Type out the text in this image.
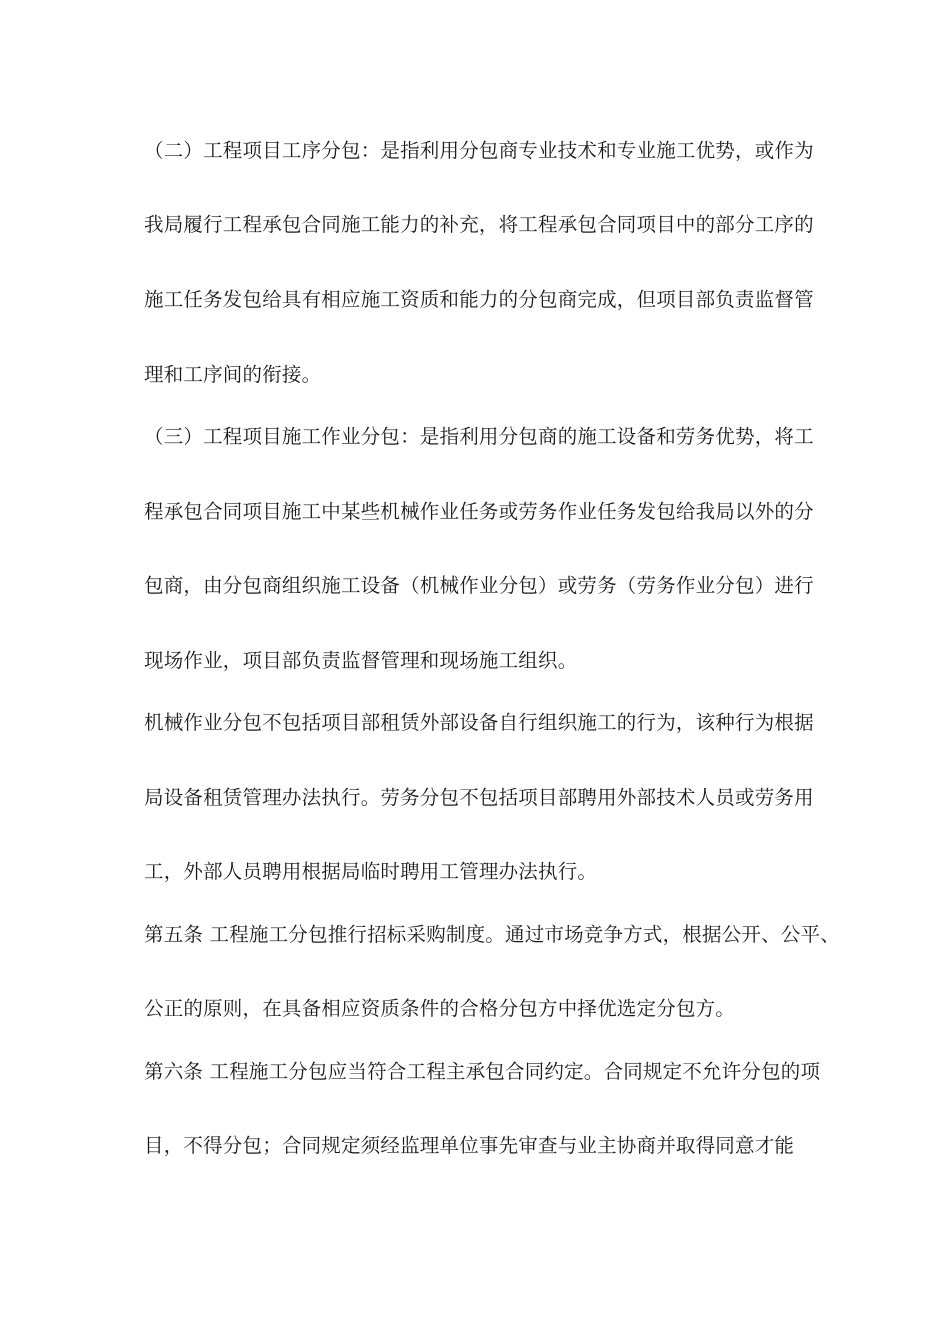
（二）工程项目工序分包：是指利用分包商专业技术和专业施工优势，或作为
我局履行工程承包合同施工能力的补充，将工程承包合同项目中的部分工序的
施工任务发包给具有相应施工资质和能力的分包商完成，但项目部负责监督管
理和工序间的衔接。
（三）工程项目施工作业分包：是指利用分包商的施工设备和劳务优势，将工
程承包合同项目施工中某些机械作业任务或劳务作业任务发包给我局以外的分
包商，由分包商组织施工设备（机械作业分包）或劳务（劳务作业分包）进行
现场作业，项目部负责监督管理和现场施工组织。
机械作业分包不包括项目部租赁外部设备自行组织施工的行为，该种行为根据
局设备租赁管理办法执行。劳务分包不包括项目部聘用外部技术人员或劳务用
工，外部人员聘用根据局临时聘用工管理办法执行。
第五条 工程施工分包推行招标采购制度。通过市场竞争方式，根据公开、公平、
公正的原则，在具备相应资质条件的合格分包方中择优选定分包方。
第六条 工程施工分包应当符合工程主承包合同约定。合同规定不允许分包的项
目，不得分包；合同规定须经监理单位事先审查与业主协商并取得同意才能
